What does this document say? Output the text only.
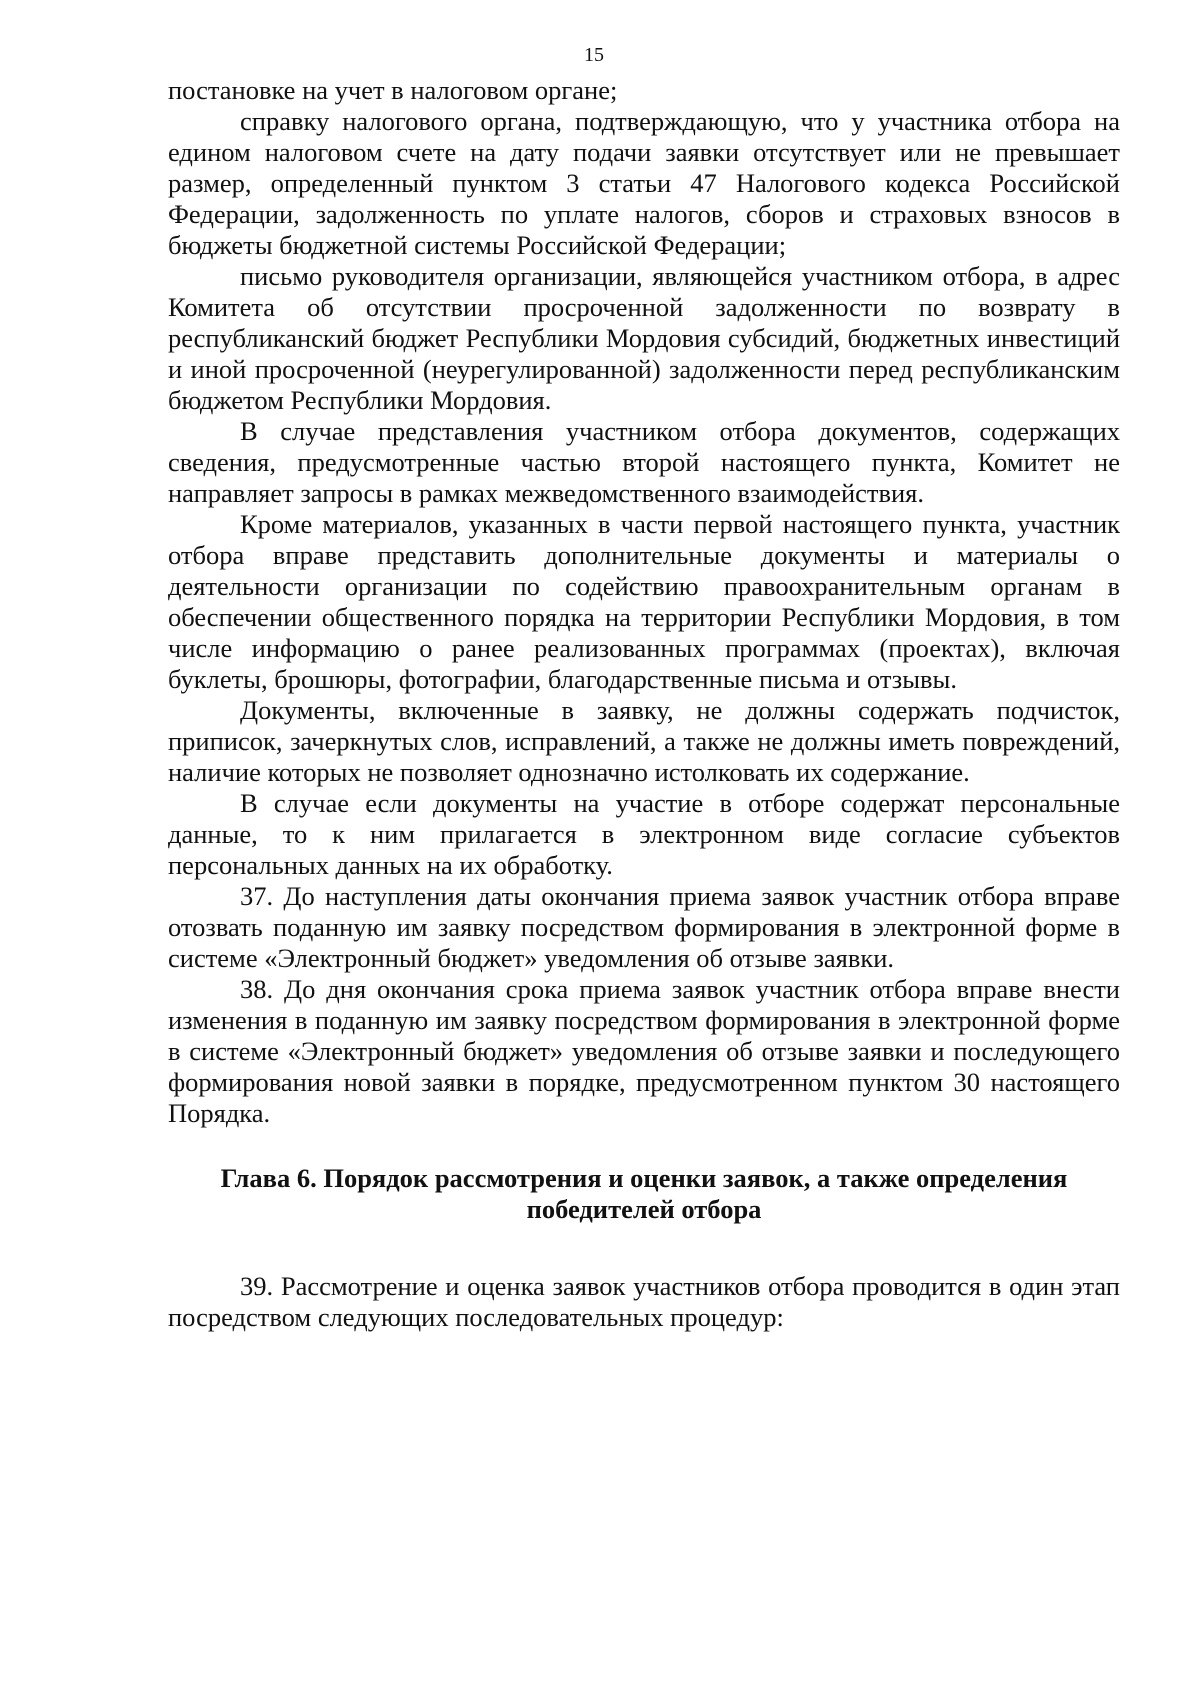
15

постановке на учет в налоговом органе;

справку налогового органа, подтверждающую, что у участника отбора на едином налоговом счете на дату подачи заявки отсутствует или не превышает размер, определенный пунктом 3 статьи 47 Налогового кодекса Российской Федерации, задолженность по уплате налогов, сборов и страховых взносов в бюджеты бюджетной системы Российской Федерации;

письмо руководителя организации, являющейся участником отбора, в адрес Комитета об отсутствии просроченной задолженности по возврату в республиканский бюджет Республики Мордовия субсидий, бюджетных инвестиций и иной просроченной (неурегулированной) задолженности перед республиканским бюджетом Республики Мордовия.

В случае представления участником отбора документов, содержащих сведения, предусмотренные частью второй настоящего пункта, Комитет не направляет запросы в рамках межведомственного взаимодействия.

Кроме материалов, указанных в части первой настоящего пункта, участник отбора вправе представить дополнительные документы и материалы о деятельности организации по содействию правоохранительным органам в обеспечении общественного порядка на территории Республики Мордовия, в том числе информацию о ранее реализованных программах (проектах), включая буклеты, брошюры, фотографии, благодарственные письма и отзывы.

Документы, включенные в заявку, не должны содержать подчисток, приписок, зачеркнутых слов, исправлений, а также не должны иметь повреждений, наличие которых не позволяет однозначно истолковать их содержание.

В случае если документы на участие в отборе содержат персональные данные, то к ним прилагается в электронном виде согласие субъектов персональных данных на их обработку.

37. До наступления даты окончания приема заявок участник отбора вправе отозвать поданную им заявку посредством формирования в электронной форме в системе «Электронный бюджет» уведомления об отзыве заявки.

38. До дня окончания срока приема заявок участник отбора вправе внести изменения в поданную им заявку посредством формирования в электронной форме в системе «Электронный бюджет» уведомления об отзыве заявки и последующего формирования новой заявки в порядке, предусмотренном пунктом 30 настоящего Порядка.

Глава 6. Порядок рассмотрения и оценки заявок, а также определения
победителей отбора

39. Рассмотрение и оценка заявок участников отбора проводится в один этап посредством следующих последовательных процедур:
